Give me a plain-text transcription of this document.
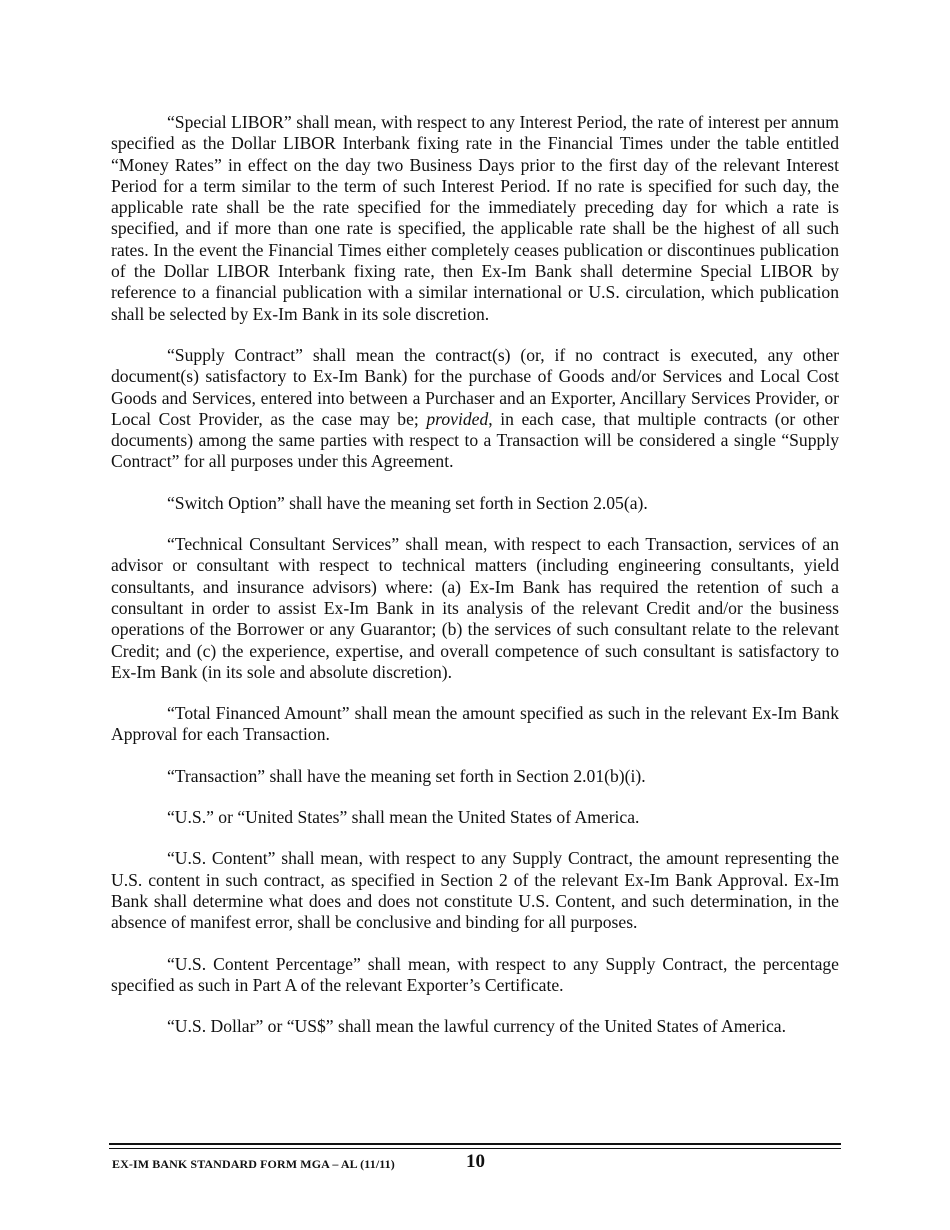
“Special LIBOR” shall mean, with respect to any Interest Period, the rate of interest per annum specified as the Dollar LIBOR Interbank fixing rate in the Financial Times under the table entitled “Money Rates” in effect on the day two Business Days prior to the first day of the relevant Interest Period for a term similar to the term of such Interest Period. If no rate is specified for such day, the applicable rate shall be the rate specified for the immediately preceding day for which a rate is specified, and if more than one rate is specified, the applicable rate shall be the highest of all such rates. In the event the Financial Times either completely ceases publication or discontinues publication of the Dollar LIBOR Interbank fixing rate, then Ex-Im Bank shall determine Special LIBOR by reference to a financial publication with a similar international or U.S. circulation, which publication shall be selected by Ex-Im Bank in its sole discretion.

“Supply Contract” shall mean the contract(s) (or, if no contract is executed, any other document(s) satisfactory to Ex-Im Bank) for the purchase of Goods and/or Services and Local Cost Goods and Services, entered into between a Purchaser and an Exporter, Ancillary Services Provider, or Local Cost Provider, as the case may be; provided, in each case, that multiple contracts (or other documents) among the same parties with respect to a Transaction will be considered a single “Supply Contract” for all purposes under this Agreement.

“Switch Option” shall have the meaning set forth in Section 2.05(a).

“Technical Consultant Services” shall mean, with respect to each Transaction, services of an advisor or consultant with respect to technical matters (including engineering consultants, yield consultants, and insurance advisors) where: (a) Ex-Im Bank has required the retention of such a consultant in order to assist Ex-Im Bank in its analysis of the relevant Credit and/or the business operations of the Borrower or any Guarantor; (b) the services of such consultant relate to the relevant Credit; and (c) the experience, expertise, and overall competence of such consultant is satisfactory to Ex-Im Bank (in its sole and absolute discretion).

“Total Financed Amount” shall mean the amount specified as such in the relevant Ex-Im Bank Approval for each Transaction.

“Transaction” shall have the meaning set forth in Section 2.01(b)(i).

“U.S.” or “United States” shall mean the United States of America.

“U.S. Content” shall mean, with respect to any Supply Contract, the amount representing the U.S. content in such contract, as specified in Section 2 of the relevant Ex-Im Bank Approval. Ex-Im Bank shall determine what does and does not constitute U.S. Content, and such determination, in the absence of manifest error, shall be conclusive and binding for all purposes.

“U.S. Content Percentage” shall mean, with respect to any Supply Contract, the percentage specified as such in Part A of the relevant Exporter’s Certificate.

“U.S. Dollar” or “US$” shall mean the lawful currency of the United States of America.

EX-IM BANK STANDARD FORM MGA – AL (11/11)	10
